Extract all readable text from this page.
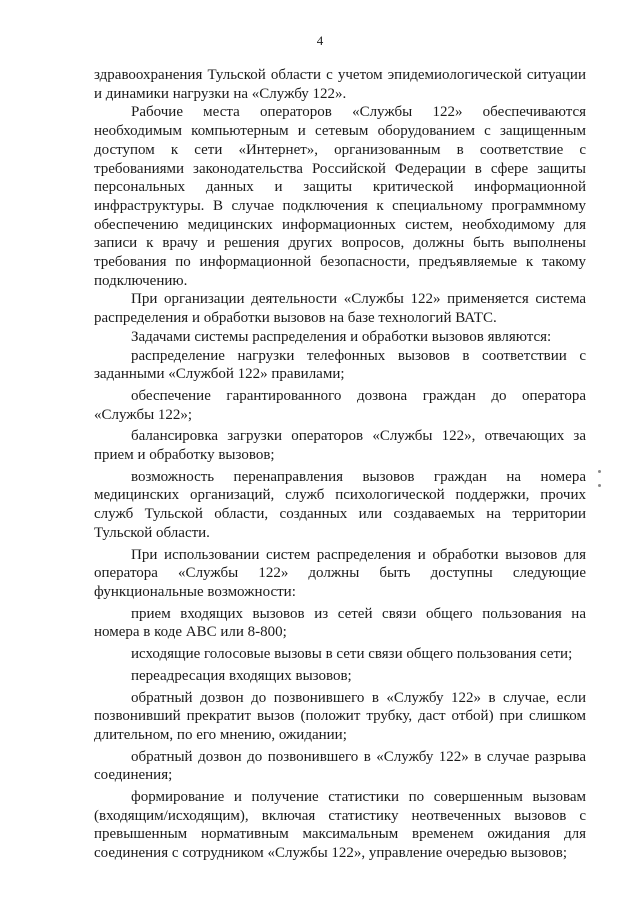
4

здравоохранения Тульской области с учетом эпидемиологической ситуации и динамики нагрузки на «Службу 122».

Рабочие места операторов «Службы 122» обеспечиваются необходимым компьютерным и сетевым оборудованием с защищенным доступом к сети «Интернет», организованным в соответствие с требованиями законодательства Российской Федерации в сфере защиты персональных данных и защиты критической информационной инфраструктуры. В случае подключения к специальному программному обеспечению медицинских информационных систем, необходимому для записи к врачу и решения других вопросов, должны быть выполнены требования по информационной безопасности, предъявляемые к такому подключению.

При организации деятельности «Службы 122» применяется система распределения и обработки вызовов на базе технологий ВАТС.

Задачами системы распределения и обработки вызовов являются:

распределение нагрузки телефонных вызовов в соответствии с заданными «Службой 122» правилами;

обеспечение гарантированного дозвона граждан до оператора «Службы 122»;

балансировка загрузки операторов «Службы 122», отвечающих за прием и обработку вызовов;

возможность перенаправления вызовов граждан на номера медицинских организаций, служб психологической поддержки, прочих служб Тульской области, созданных или создаваемых на территории Тульской области.

При использовании систем распределения и обработки вызовов для оператора «Службы 122» должны быть доступны следующие функциональные возможности:

прием входящих вызовов из сетей связи общего пользования на номера в коде АВС или 8-800;

исходящие голосовые вызовы в сети связи общего пользования сети;

переадресация входящих вызовов;

обратный дозвон до позвонившего в «Службу 122» в случае, если позвонивший прекратит вызов (положит трубку, даст отбой) при слишком длительном, по его мнению, ожидании;

обратный дозвон до позвонившего в «Службу 122» в случае разрыва соединения;

формирование и получение статистики по совершенным вызовам (входящим/исходящим), включая статистику неотвеченных вызовов с превышенным нормативным максимальным временем ожидания для соединения с сотрудником «Службы 122», управление очередью вызовов;
